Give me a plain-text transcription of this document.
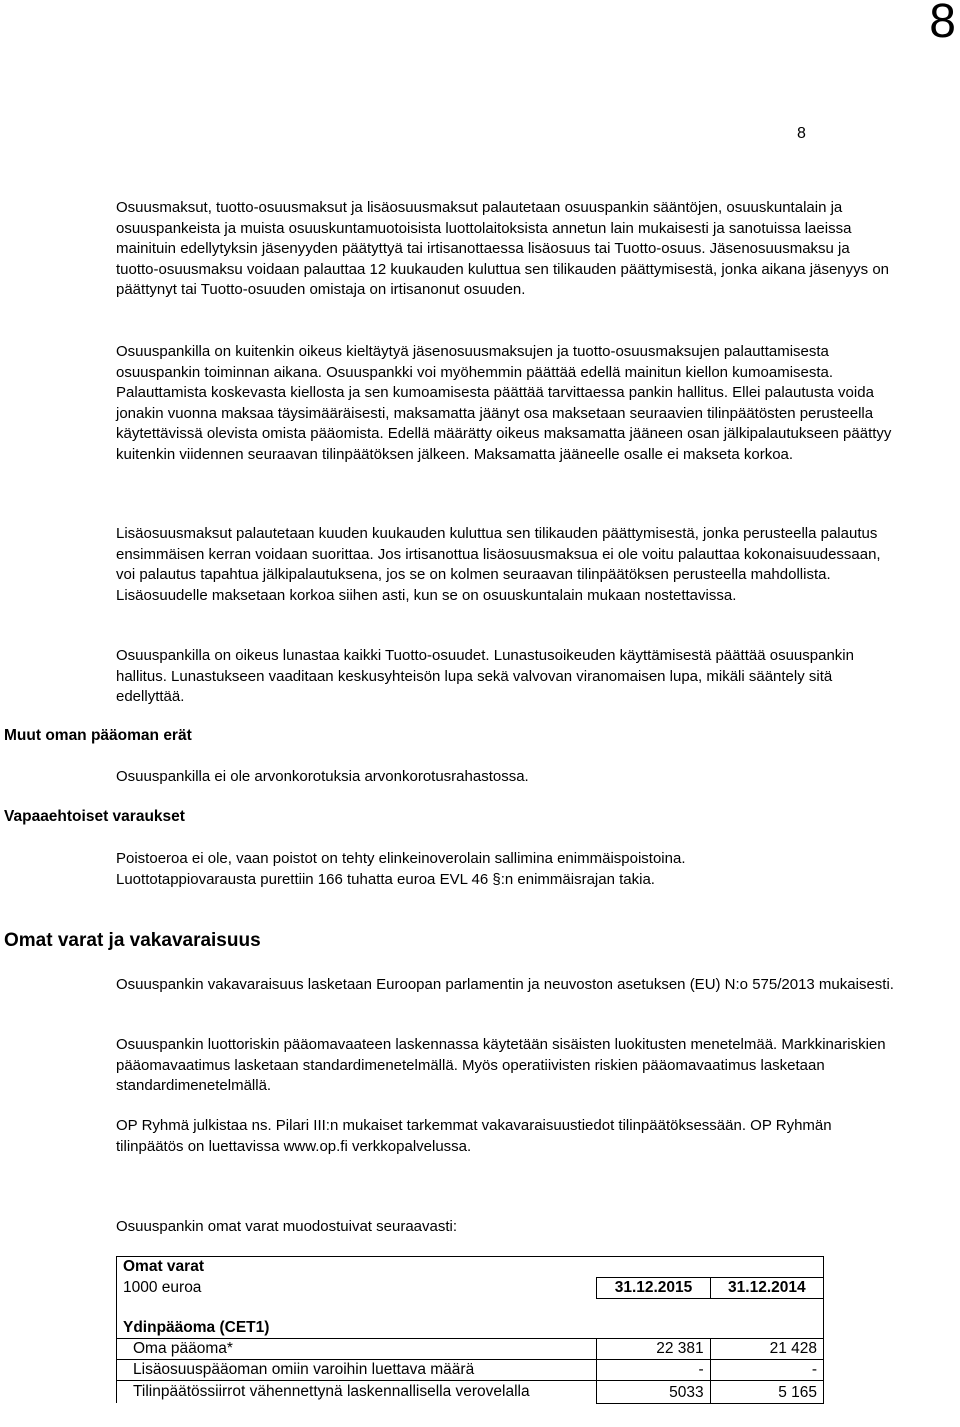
8
8

Osuusmaksut, tuotto-osuusmaksut ja lisäosuusmaksut palautetaan osuuspankin sääntöjen, osuuskuntalain ja osuuspankeista ja muista osuuskuntamuotoisista luottolaitoksista annetun lain mukaisesti ja sanotuissa laeissa mainituin edellytyksin jäsenyyden päätyttyä tai irtisanottaessa lisäosuus tai Tuotto-osuus. Jäsenosuusmaksu ja tuotto-osuusmaksu voidaan palauttaa 12 kuukauden kuluttua sen tilikauden päättymisestä, jonka aikana jäsenyys on päättynyt tai Tuotto-osuuden omistaja on irtisanonut osuuden.

Osuuspankilla on kuitenkin oikeus kieltäytyä jäsenosuusmaksujen ja tuotto-osuusmaksujen palauttamisesta osuuspankin toiminnan aikana. Osuuspankki voi myöhemmin päättää edellä mainitun kiellon kumoamisesta. Palauttamista koskevasta kiellosta ja sen kumoamisesta päättää tarvittaessa pankin hallitus. Ellei palautusta voida jonakin vuonna maksaa täysimääräisesti, maksamatta jäänyt osa maksetaan seuraavien tilinpäätösten perusteella käytettävissä olevista omista pääomista. Edellä määrätty oikeus maksamatta jääneen osan jälkipalautukseen päättyy kuitenkin viidennen seuraavan tilinpäätöksen jälkeen. Maksamatta jääneelle osalle ei makseta korkoa.

Lisäosuusmaksut palautetaan kuuden kuukauden kuluttua sen tilikauden päättymisestä, jonka perusteella palautus ensimmäisen kerran voidaan suorittaa. Jos irtisanottua lisäosuusmaksua ei ole voitu palauttaa kokonaisuudessaan, voi palautus tapahtua jälkipalautuksena, jos se on kolmen seuraavan tilinpäätöksen perusteella mahdollista. Lisäosuudelle maksetaan korkoa siihen asti, kun se on osuuskuntalain mukaan nostettavissa.

Osuuspankilla on oikeus lunastaa kaikki Tuotto-osuudet. Lunastusoikeuden käyttämisestä päättää osuuspankin hallitus. Lunastukseen vaaditaan keskusyhteisön lupa sekä valvovan viranomaisen lupa, mikäli sääntely sitä edellyttää.

Muut oman pääoman erät

Osuuspankilla ei ole arvonkorotuksia arvonkorotusrahastossa.

Vapaaehtoiset varaukset

Poistoeroa ei ole, vaan poistot on tehty elinkeinoverolain sallimina enimmäispoistoina.

Luottotappiovarausta purettiin 166 tuhatta euroa EVL 46 §:n enimmäisrajan takia.

Omat varat ja vakavaraisuus

Osuuspankin vakavaraisuus lasketaan Euroopan parlamentin ja neuvoston asetuksen (EU) N:o 575/2013 mukaisesti.

Osuuspankin luottoriskin pääomavaateen laskennassa käytetään sisäisten luokitusten menetelmää. Markkinariskien pääomavaatimus lasketaan standardimenetelmällä. Myös operatiivisten riskien pääomavaatimus lasketaan standardimenetelmällä.

OP Ryhmä julkistaa ns. Pilari III:n mukaiset tarkemmat vakavaraisuustiedot tilinpäätöksessään. OP Ryhmän tilinpäätös on luettavissa www.op.fi verkkopalvelussa.

Osuuspankin omat varat muodostuivat seuraavasti:

Omat varat		
1000 euroa	31.12.2015	31.12.2014

Ydinpääoma (CET1)		
Oma pääoma*	22 381	21 428
Lisäosuuspääoman omiin varoihin luettava määrä	-	-
Tilinpäätössiirrot vähennettynä laskennallisella verovelalla	5033	5 165
